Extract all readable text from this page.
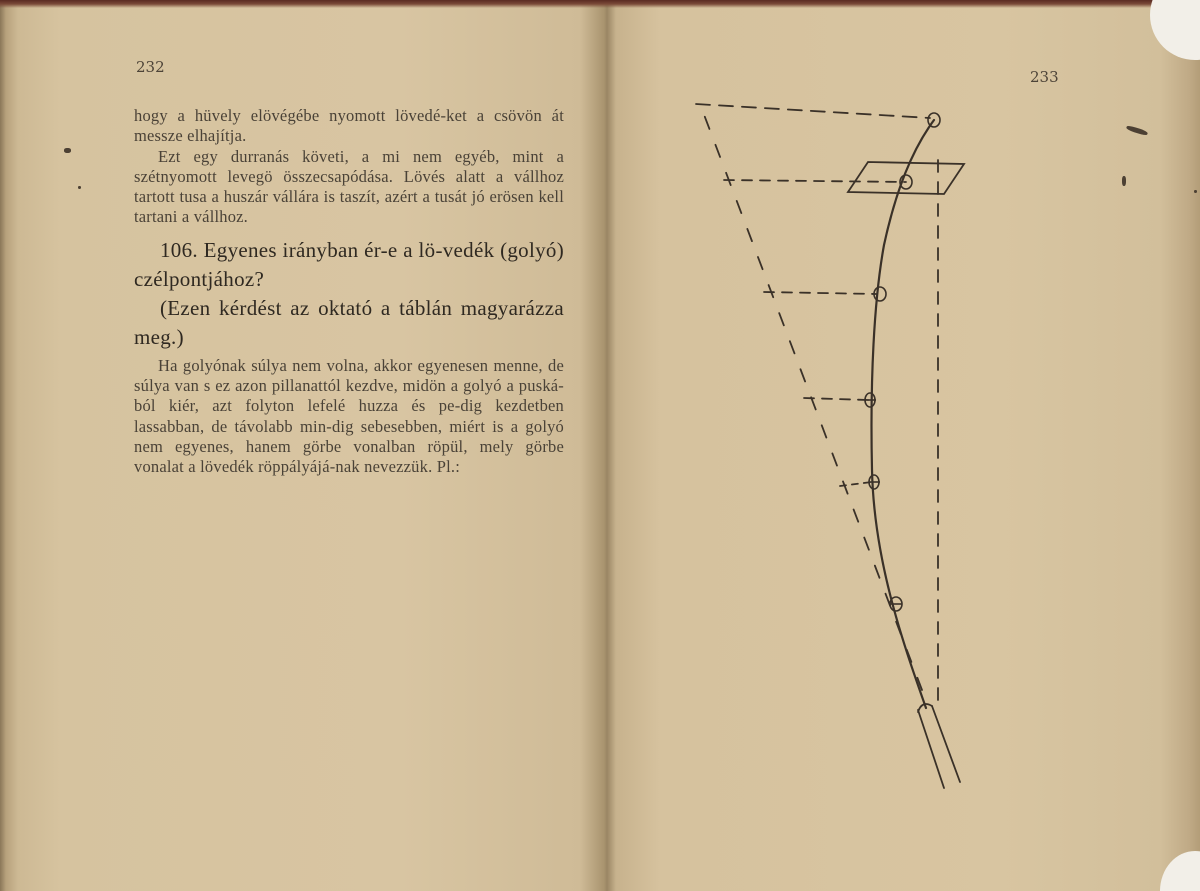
232

hogy a hüvely elövégébe nyomott lövedé-ket a csövön át messze elhajítja.

Ezt egy durranás követi, a mi nem egyéb, mint a szétnyomott levegö összecsapódása. Lövés alatt a vállhoz tartott tusa a huszár vállára is taszít, azért a tusát jó erösen kell tartani a vállhoz.

106. Egyenes irányban ér-e a lö-vedék (golyó) czélpontjához?

(Ezen kérdést az oktató a táblán magyarázza meg.)

Ha golyónak súlya nem volna, akkor egyenesen menne, de súlya van s ez azon pillanattól kezdve, midön a golyó a puská-ból kiér, azt folyton lefelé huzza és pe-dig kezdetben lassabban, de távolabb min-dig sebesebben, miért is a golyó nem egyenes, hanem görbe vonalban röpül, mely görbe vonalat a lövedék röppályájá-nak nevezzük. Pl.:

233
